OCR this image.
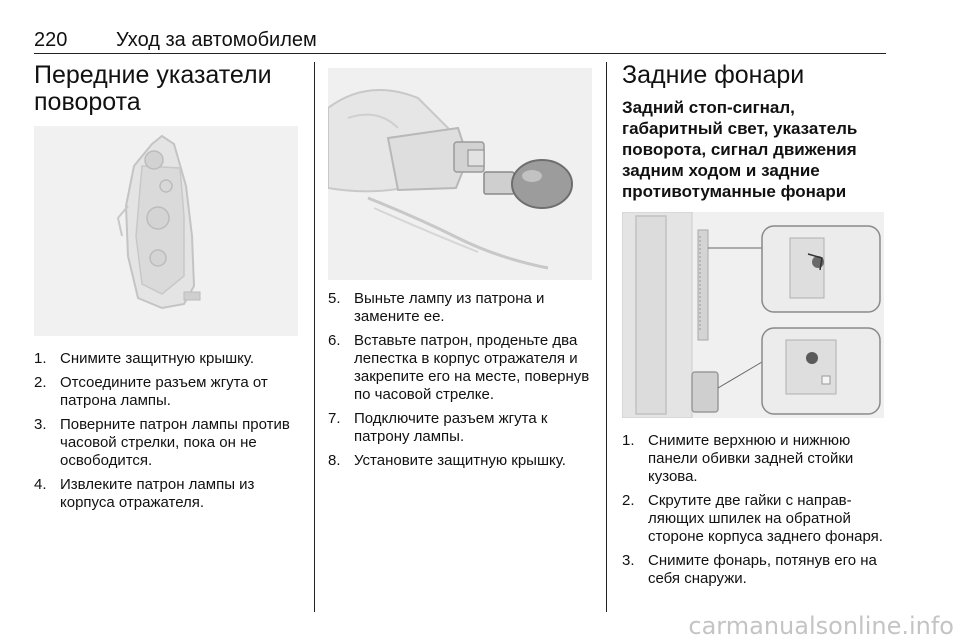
220 Уход за автомобилем
Передние указатели поворота
1. Снимите защитную крышку.
2. Отсоедините разъем жгута от патрона лампы.
3. Поверните патрон лампы против часовой стрелки, пока он не освободится.
4. Извлеките патрон лампы из корпуса отражателя.
5. Выньте лампу из патрона и замените ее.
6. Вставьте патрон, проденьте два лепестка в корпус отражателя и закрепите его на месте, повернув по часовой стрелке.
7. Подключите разъем жгута к патрону лампы.
8. Установите защитную крышку.
Задние фонари
Задний стоп-сигнал, габаритный свет, указатель поворота, сигнал движения задним ходом и задние противотуманные фонари
1. Снимите верхнюю и нижнюю панели обивки задней стойки кузова.
2. Скрутите две гайки с направляющих шпилек на обратной стороне корпуса заднего фонаря.
3. Снимите фонарь, потянув его на себя снаружи.
carmanualsonline.info
